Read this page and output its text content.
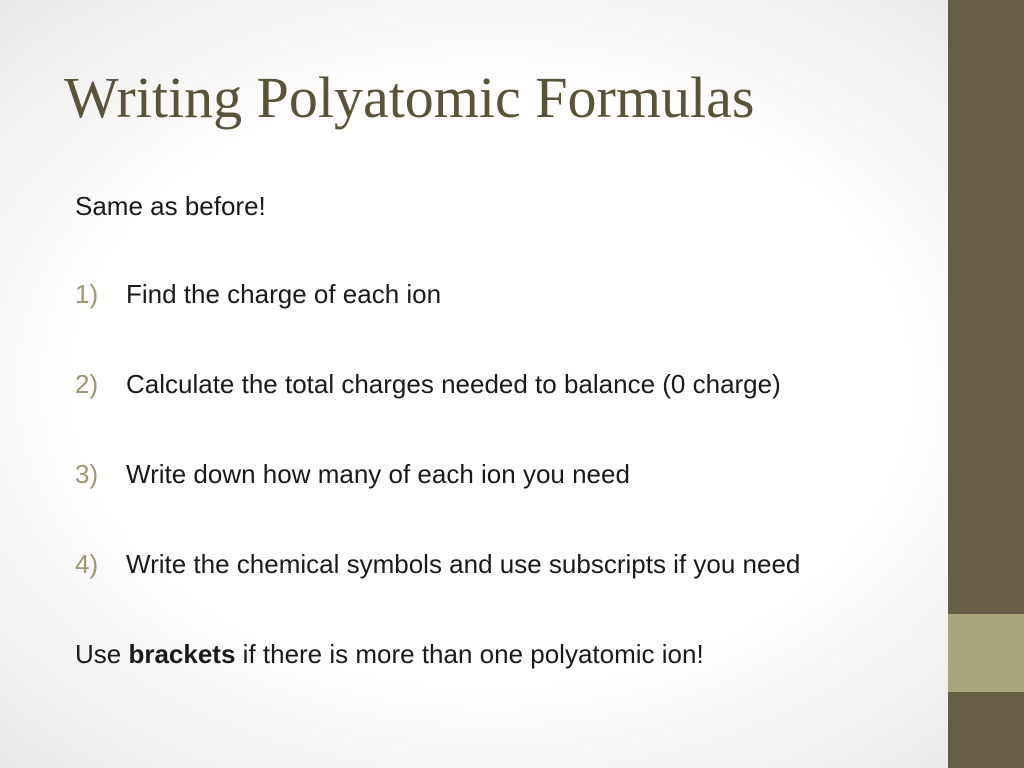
Writing Polyatomic Formulas
Same as before!
1) Find the charge of each ion
2) Calculate the total charges needed to balance (0 charge)
3) Write down how many of each ion you need
4) Write the chemical symbols and use subscripts if you need
Use brackets if there is more than one polyatomic ion!
